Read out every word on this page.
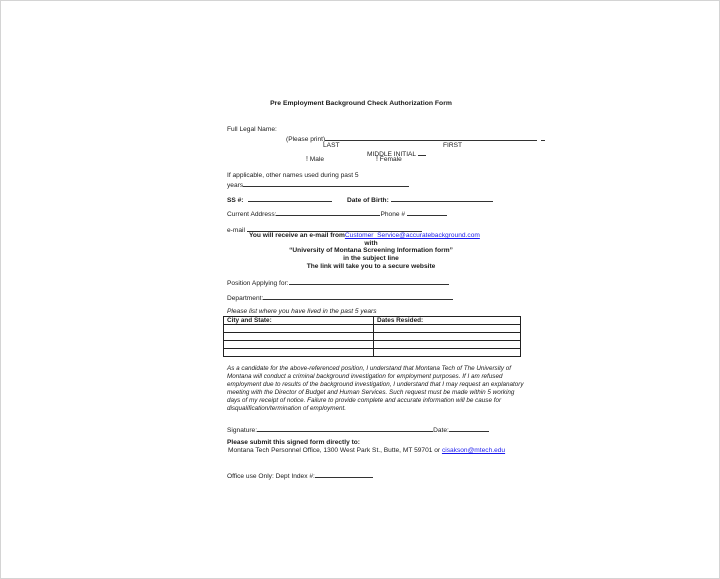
Pre Employment Background Check Authorization Form
Full Legal Name:
(Please print)
LAST	FIRST
MIDDLE INITIAL
! Male	! Female
If applicable, other names used during past 5
years
SS #:	Date of Birth:
Current Address:	Phone #
e-mail
You will receive an e-mail fromCustomer_Service@accuratebackground.com
with
“University of Montana Screening Information form”
in the subject line
The link will take you to a secure website
Position Applying for:
Department:
Please list where you have lived in the past 5 years
City and State:	Dates Resided:

As a candidate for the above-referenced position, I understand that Montana Tech of The University of Montana will conduct a criminal background investigation for employment purposes. If I am refused employment due to results of the background investigation, I understand that I may request an explanatory meeting with the Director of Budget and Human Services. Such request must be made within 5 working days of my receipt of notice. Failure to provide complete and accurate information will be cause for disqualification/termination of employment.
Signature:	Date:
Please submit this signed form directly to:
Montana Tech Personnel Office, 1300 West Park St., Butte, MT 59701 or cisakson@mtech.edu
Office use Only: Dept Index #:
